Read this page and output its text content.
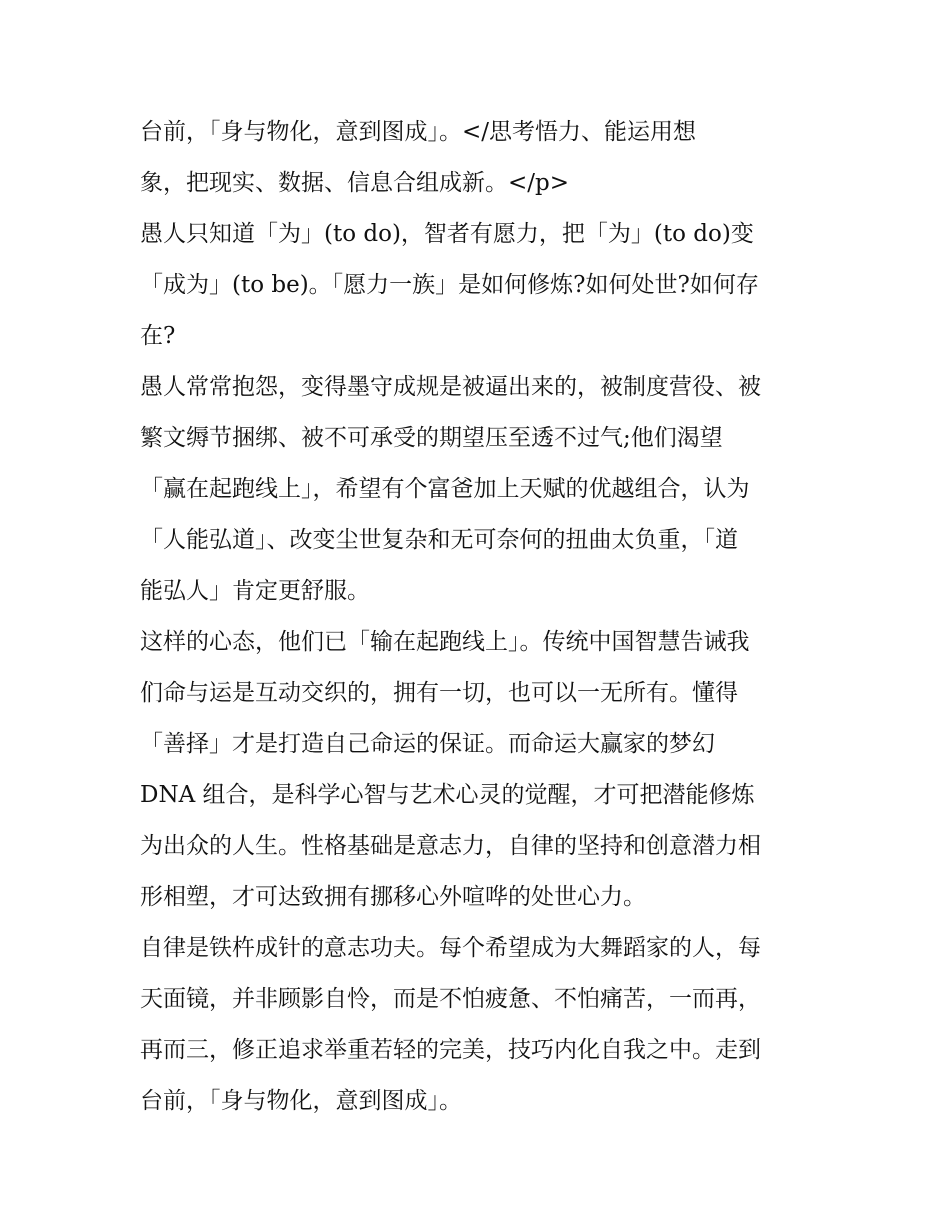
台前，「身与物化，意到图成」。</思考悟力、能运用想
象，把现实、数据、信息合组成新。</p>
愚人只知道「为」(to do)，智者有愿力，把「为」(to do)变
「成为」(to be)。「愿力一族」是如何修炼?如何处世?如何存
在?
愚人常常抱怨，变得墨守成规是被逼出来的，被制度营役、被
繁文缛节捆绑、被不可承受的期望压至透不过气;他们渴望
「赢在起跑线上」，希望有个富爸加上天赋的优越组合，认为
「人能弘道」、改变尘世复杂和无可奈何的扭曲太负重，「道
能弘人」肯定更舒服。
这样的心态，他们已「输在起跑线上」。传统中国智慧告诫我
们命与运是互动交织的，拥有一切，也可以一无所有。懂得
「善择」才是打造自己命运的保证。而命运大赢家的梦幻
DNA 组合，是科学心智与艺术心灵的觉醒，才可把潜能修炼
为出众的人生。性格基础是意志力，自律的坚持和创意潜力相
形相塑，才可达致拥有挪移心外喧哗的处世心力。
自律是铁杵成针的意志功夫。每个希望成为大舞蹈家的人，每
天面镜，并非顾影自怜，而是不怕疲惫、不怕痛苦，一而再，
再而三，修正追求举重若轻的完美，技巧内化自我之中。走到
台前，「身与物化，意到图成」。
